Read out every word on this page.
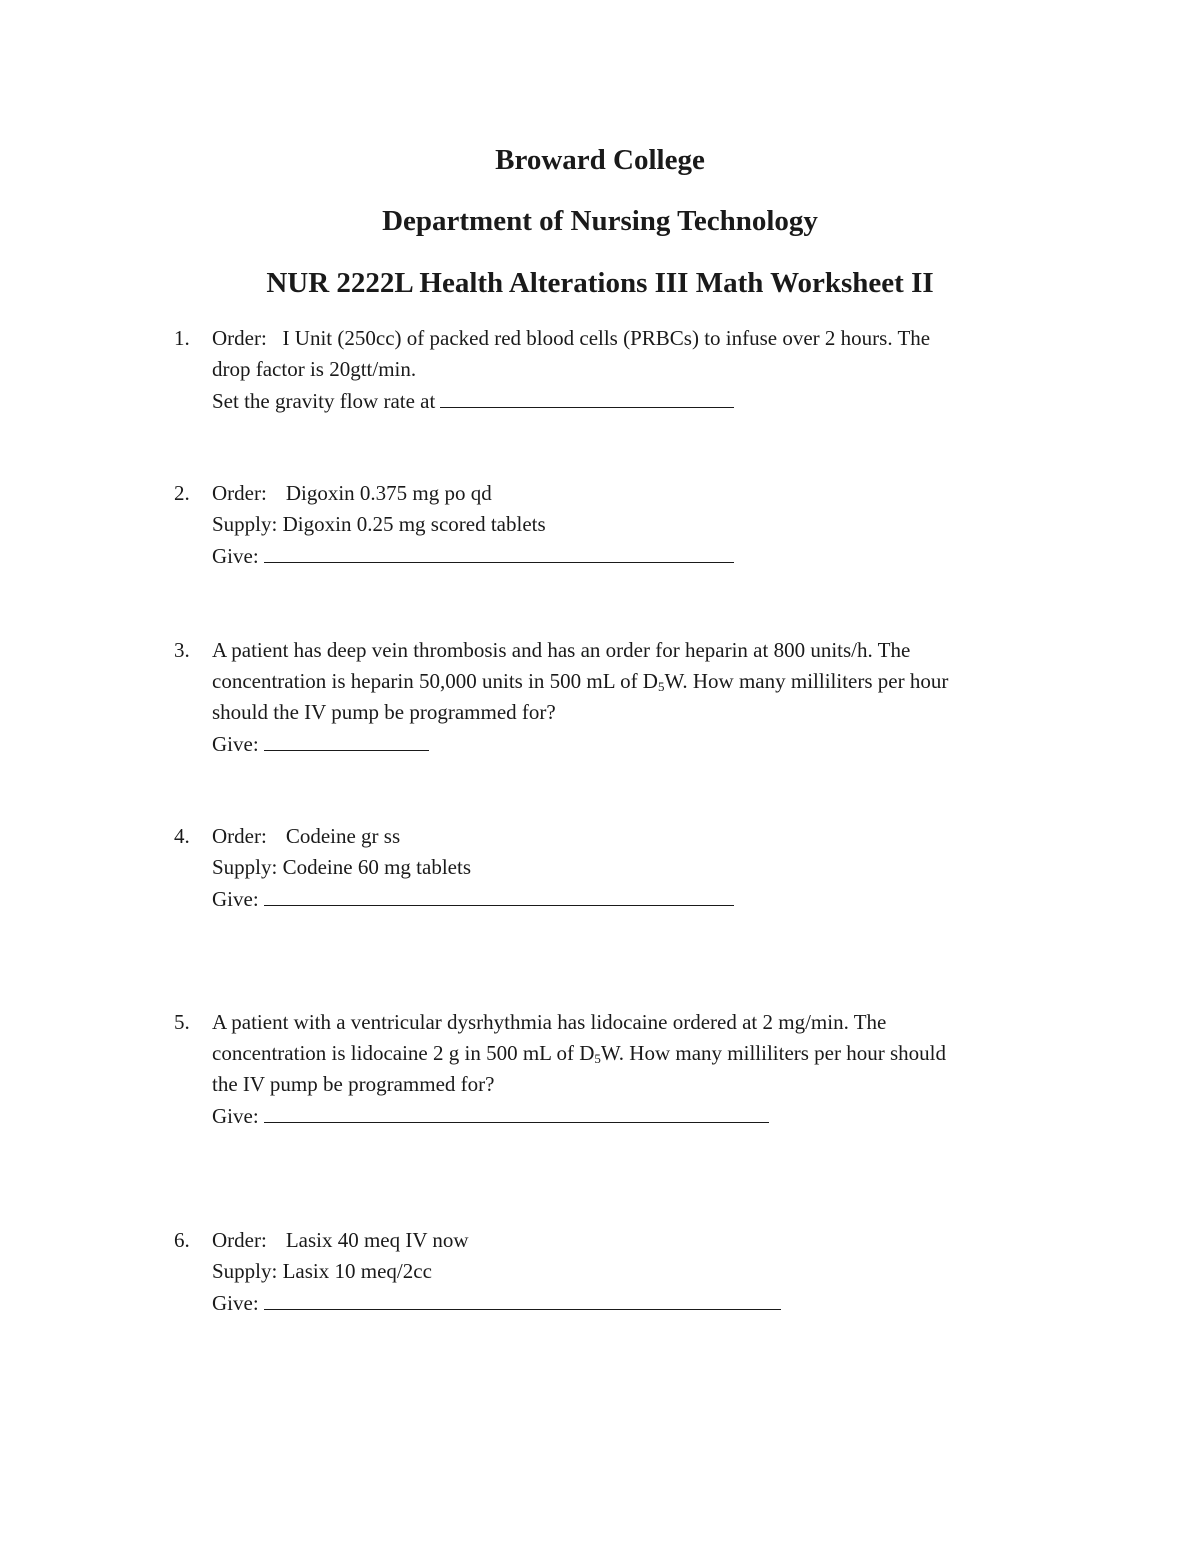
Broward College
Department of Nursing Technology
NUR 2222L Health Alterations III Math Worksheet II
1. Order:   I Unit (250cc) of packed red blood cells (PRBCs) to infuse over 2 hours. The
drop factor is 20gtt/min.
Set the gravity flow rate at
2. Order: Digoxin 0.375 mg po qd
Supply: Digoxin 0.25 mg scored tablets
Give:
3. A patient has deep vein thrombosis and has an order for heparin at 800 units/h. The
concentration is heparin 50,000 units in 500 mL of $D_5W$. How many milliliters per hour
should the IV pump be programmed for?
Give:
4. Order: Codeine gr ss
Supply: Codeine 60 mg tablets
Give:
5. A patient with a ventricular dysrhythmia has lidocaine ordered at 2 mg/min. The
concentration is lidocaine 2 g in 500 mL of $D_5W$. How many milliliters per hour should
the IV pump be programmed for?
Give:
6. Order: Lasix 40 meq IV now
Supply: Lasix 10 meq/2cc
Give:
